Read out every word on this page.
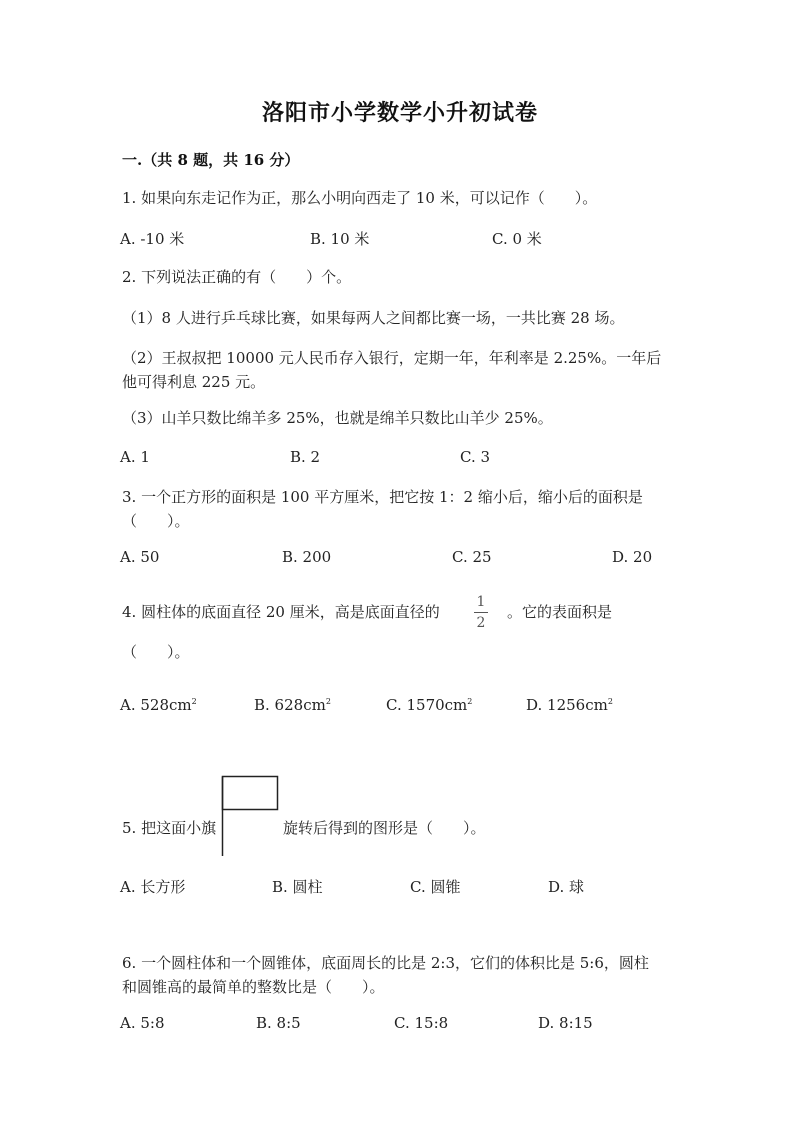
洛阳市小学数学小升初试卷
一.（共 8 题，共 16 分）
1. 如果向东走记作为正，那么小明向西走了 10 米，可以记作（　　）。
A. -10 米	B. 10 米	C. 0 米
2. 下列说法正确的有（　　）个。
（1）8 人进行乒乓球比赛，如果每两人之间都比赛一场，一共比赛 28 场。
（2）王叔叔把 10000 元人民币存入银行，定期一年，年利率是 2.25%。一年后
他可得利息 225 元。
（3）山羊只数比绵羊多 25%，也就是绵羊只数比山羊少 25%。
A. 1	B. 2	C. 3
3. 一个正方形的面积是 100 平方厘米，把它按 1：2 缩小后，缩小后的面积是
（　　）。
A. 50	B. 200	C. 25	D. 20
4. 圆柱体的底面直径 20 厘米，高是底面直径的
1
2
。它的表面积是
（　　）。
A. $528cm^2$	B. $628cm^2$	C. $1570cm^2$	D. $1256cm^2$
5. 把这面小旗	旋转后得到的图形是（　　）。
A. 长方形	B. 圆柱	C. 圆锥	D. 球
6. 一个圆柱体和一个圆锥体，底面周长的比是 2:3，它们的体积比是 5:6，圆柱
和圆锥高的最简单的整数比是（　　）。
A. 5:8	B. 8:5	C. 15:8	D. 8:15
